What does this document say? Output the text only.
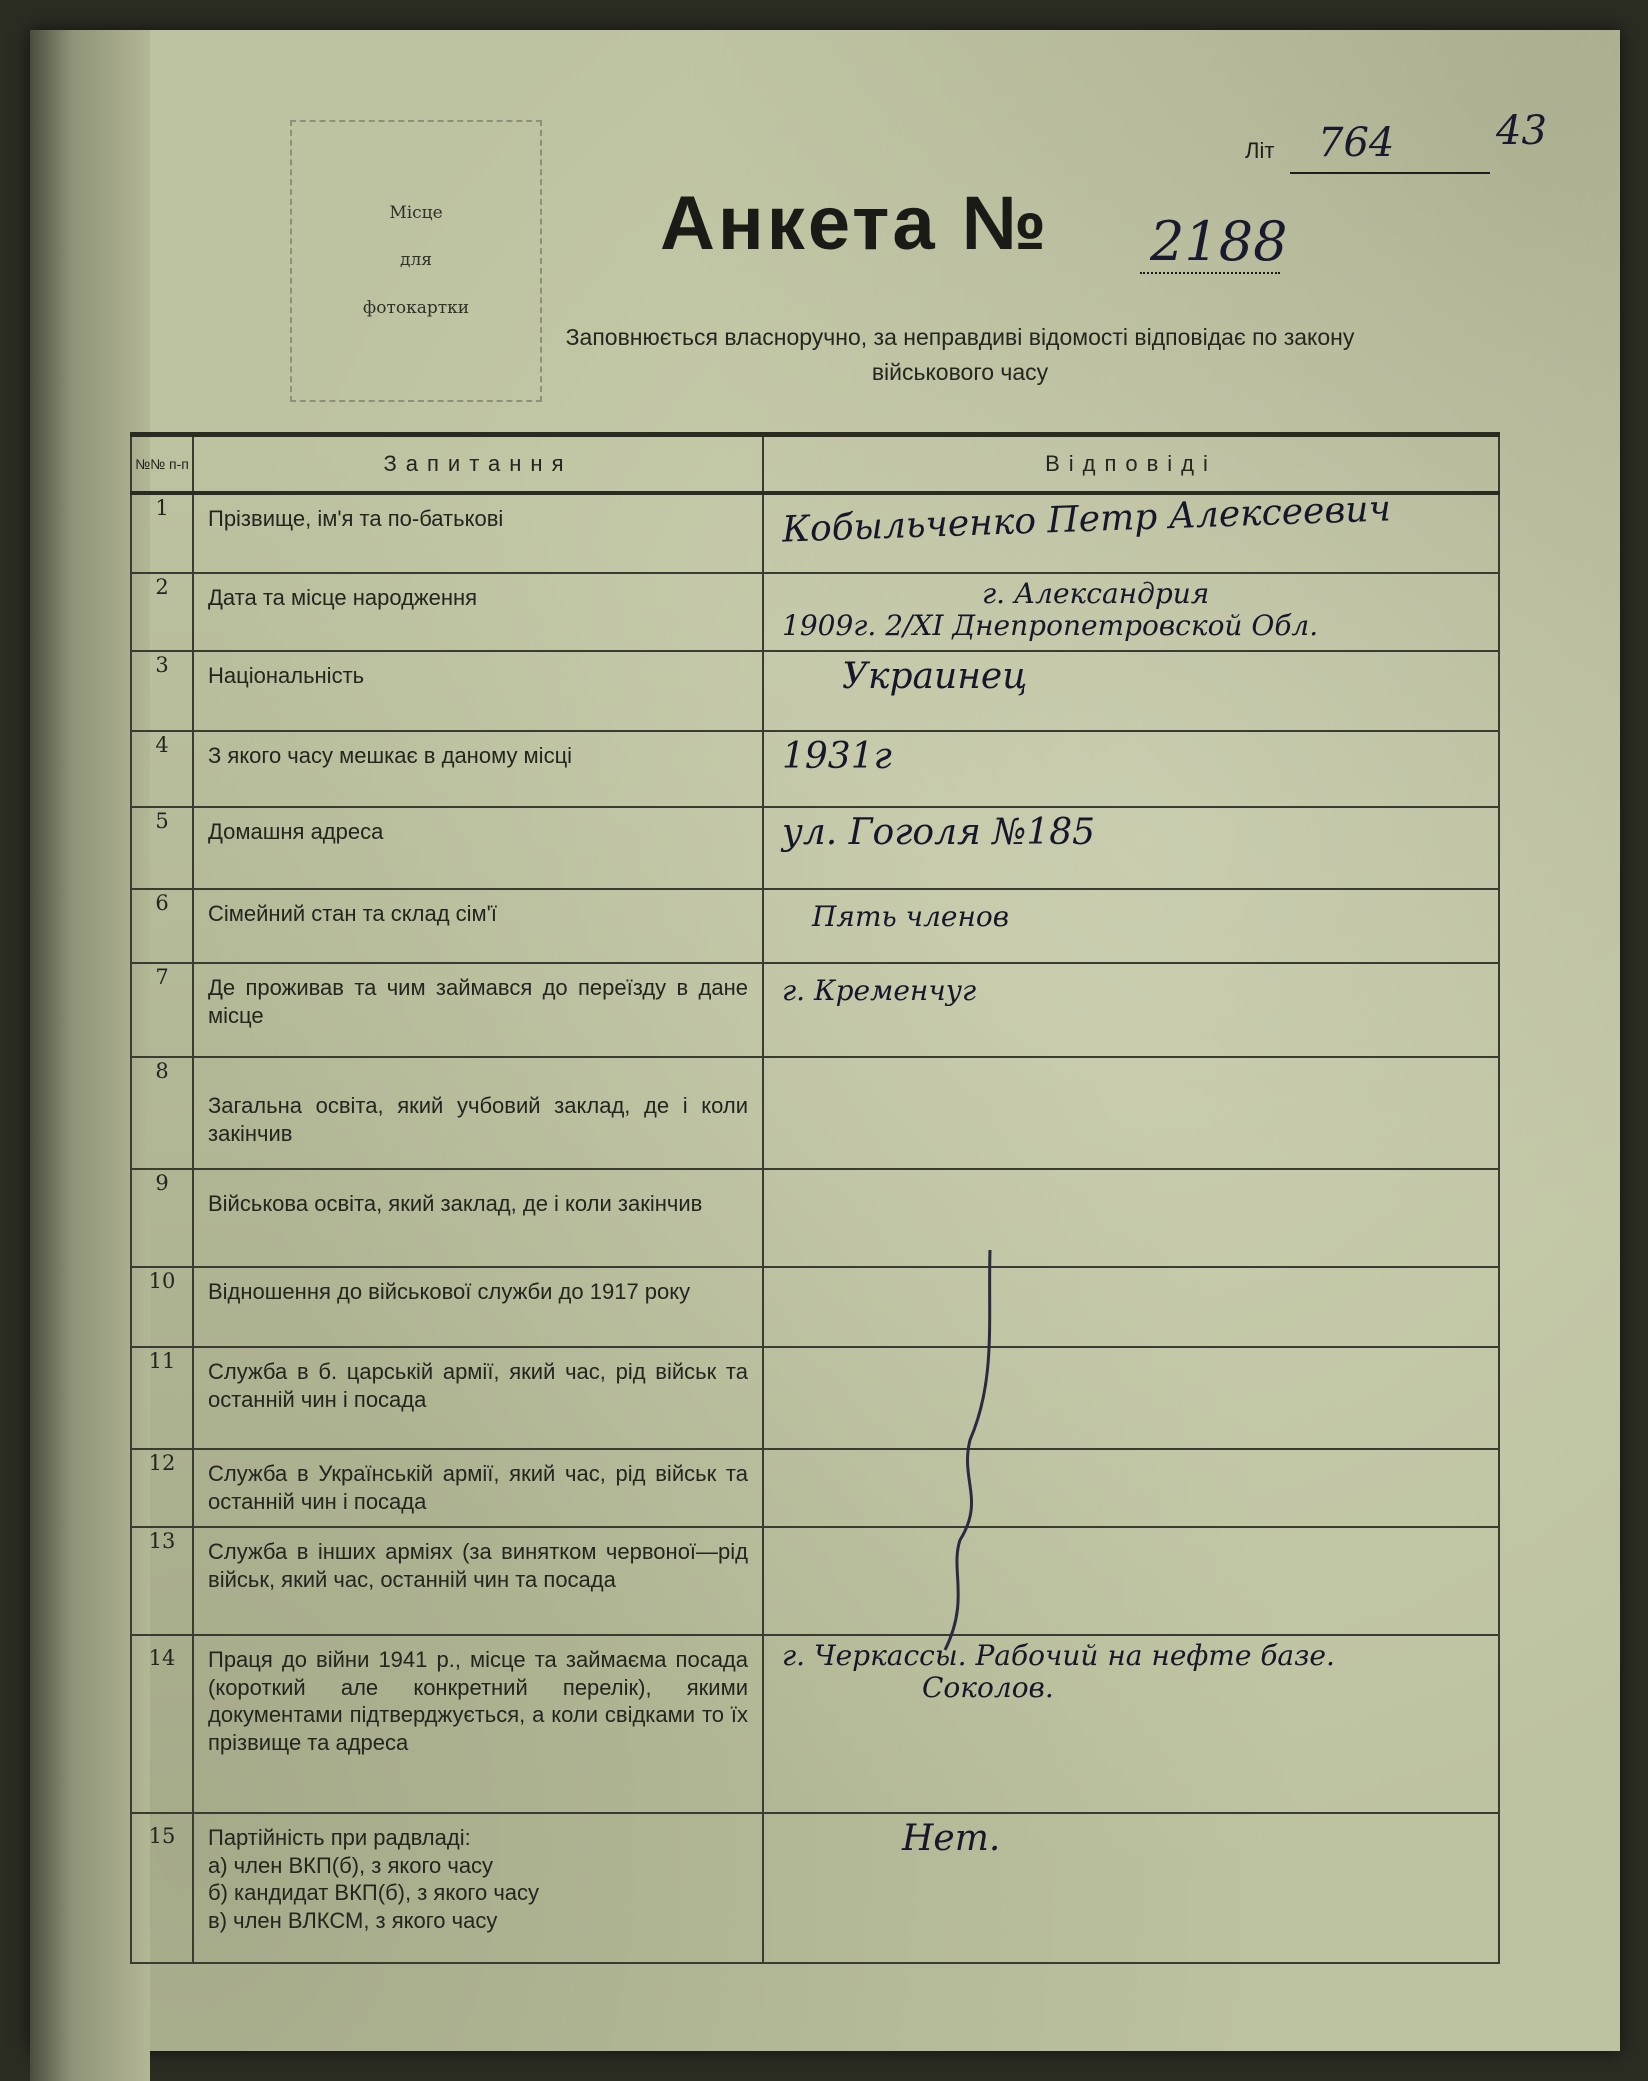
Місце
для
фотокартки
Літ 764	43
Анкета № 2188
Заповнюється власноручно, за неправдиві відомості відповідає по закону
військового часу
№№ п-п	Запитання	Відповіді
1	Прізвище, ім'я та по-батькові	Кобыльченко Петр Алексеевич
2	Дата та місце народження	г. Александрия
1909г. 2/XI Днепропетровской Обл.

3	Національність	Украинец
4	З якого часу мешкає в даному місці	1931г
5	Домашня адреса	ул. Гоголя №185
6	Сімейний стан та склад сім'ї	Пять членов
7	Де проживав та чим займався до переїзду в дане місце	г. Кременчуг
8	Загальна освіта, який учбовий заклад, де і коли закінчив	
9	Військова освіта, який заклад, де і коли закінчив	
10	Відношення до військової служби до 1917 року	
11	Служба в б. царській армії, який час, рід військ та останній чин і посада	
12	Служба в Українській армії, який час, рід військ та останній чин і посада	
13	Служба в інших арміях (за винятком червоної—рід військ, який час, останній чин та посада	
14	Праця до війни 1941 р., місце та займаєма посада (короткий але конкретний перелік), якими документами підтверджується, а коли свідками то їх прізвище та адреса	г. Черкассы. Рабочий на нефте базе.
Соколов.

15	Партійність при радвладі:
а) член ВКП(б), з якого часу
б) кандидат ВКП(б), з якого часу
в) член ВЛКСМ, з якого часу	Нет.
